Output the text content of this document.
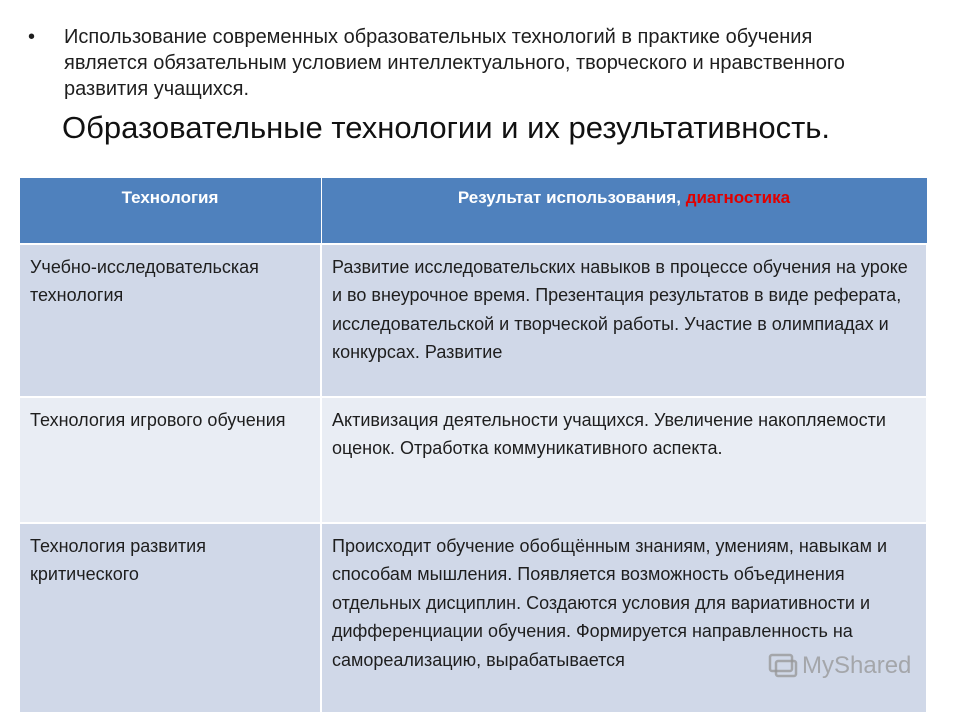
•	Использование современных образовательных технологий в практике обучения является обязательным условием интеллектуального, творческого и нравственного развития учащихся.
Образовательные технологии и их результативность.
Технология	Результат использования, диагностика
Учебно-исследовательская технология	Развитие исследовательских навыков в процессе обучения на уроке и во внеурочное время. Презентация результатов в виде реферата, исследовательской и творческой работы. Участие в олимпиадах и конкурсах. Развитие
Технология игрового обучения	Активизация деятельности учащихся. Увеличение накопляемости оценок. Отработка коммуникативного аспекта.
Технология развития критического	Происходит обучение обобщённым знаниям, умениям, навыкам и способам мышления. Появляется возможность объединения отдельных дисциплин. Создаются условия для вариативности и дифференциации обучения. Формируется направленность на самореализацию, вырабатывается	MyShared
